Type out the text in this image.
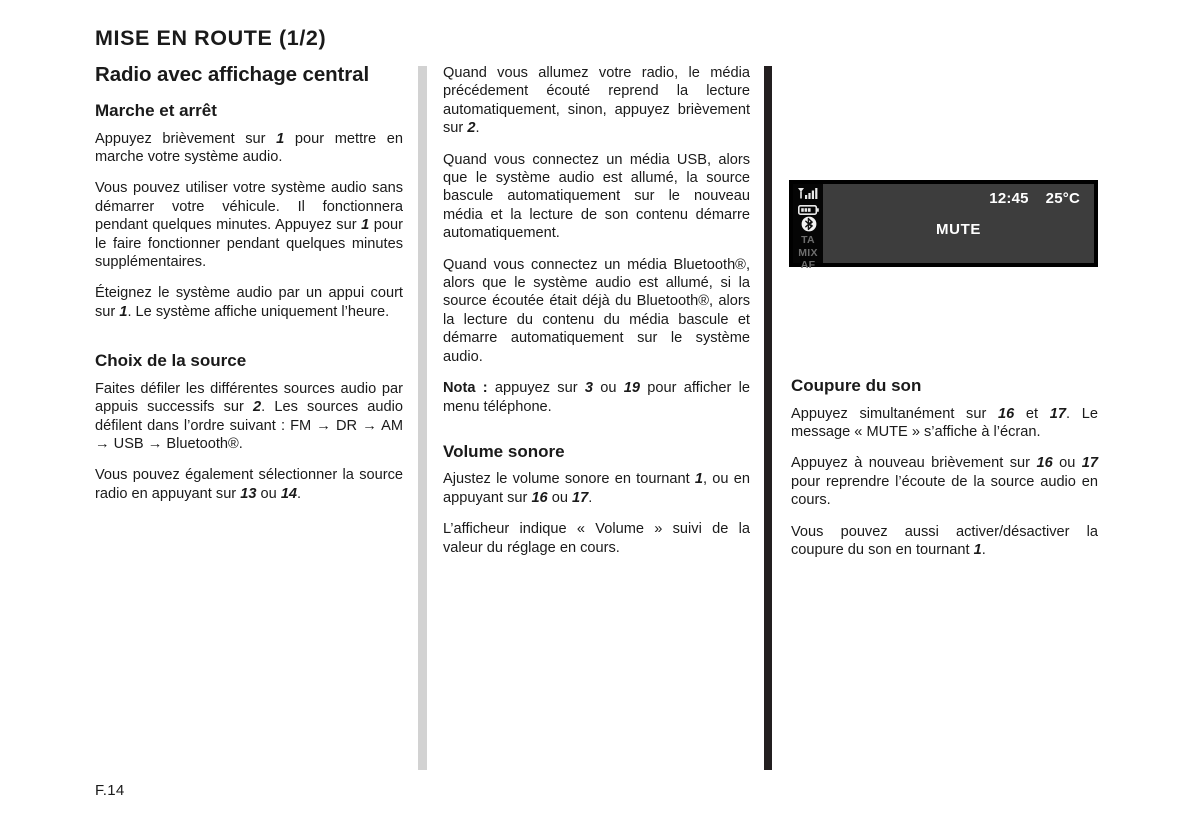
MISE EN ROUTE (1/2)
Radio avec affichage central
Marche et arrêt

Appuyez brièvement sur 1 pour mettre en marche votre système audio.

Vous pouvez utiliser votre système audio sans démarrer votre véhicule. Il fonctionnera pendant quelques minutes. Appuyez sur 1 pour le faire fonctionner pendant quelques minutes supplémentaires.

Éteignez le système audio par un appui court sur 1. Le système affiche uniquement l’heure.

Choix de la source

Faites défiler les différentes sources audio par appuis successifs sur 2. Les sources audio défilent dans l’ordre suivant : FM → DR → AM → USB → Bluetooth®.

Vous pouvez également sélectionner la source radio en appuyant sur 13 ou 14.

Quand vous allumez votre radio, le média précédement écouté reprend la lecture automatiquement, sinon, appuyez brièvement sur 2.

Quand vous connectez un média USB, alors que le système audio est allumé, la source bascule automatiquement sur le nouveau média et la lecture de son contenu démarre automatiquement.

Quand vous connectez un média Bluetooth®, alors que le système audio est allumé, si la source écoutée était déjà du Bluetooth®, alors la lecture du contenu du média bascule et démarre automatiquement sur le système audio.

Nota : appuyez sur 3 ou 19 pour afficher le menu téléphone.

Volume sonore

Ajustez le volume sonore en tournant 1, ou en appuyant sur 16 ou 17.

L’afficheur indique « Volume » suivi de la valeur du réglage en cours.

TA
MIX
AF
12:45 25°C
MUTE
Coupure du son

Appuyez simultanément sur 16 et 17. Le message « MUTE » s’affiche à l’écran.

Appuyez à nouveau brièvement sur 16 ou 17 pour reprendre l’écoute de la source audio en cours.

Vous pouvez aussi activer/désactiver la coupure du son en tournant 1.

F.14
